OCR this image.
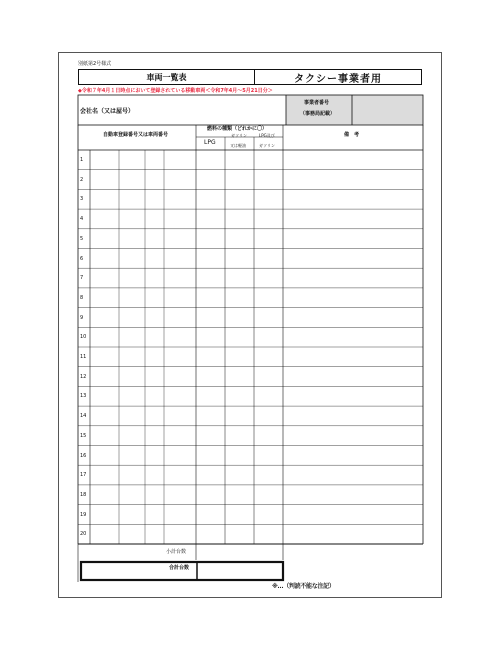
別紙第2号様式
車両一覧表	タクシー事業者用
◆令和７年4月１日時点において登録されている移動車両＜令和7年4月～5月21日分＞
会社名（又は屋号）
事業者番号
（事務局記載）
自動車登録番号又は車両番号
燃料の種類（どれかに〇）
LPG
ガソリン
又は軽油
LPG及び
ガソリン
備　考
1
2
3
4
5
6
7
8
9
10
11
12
13
14
15
16
17
18
19
20
小計台数
合計台数
※…（判読不能な注記）
